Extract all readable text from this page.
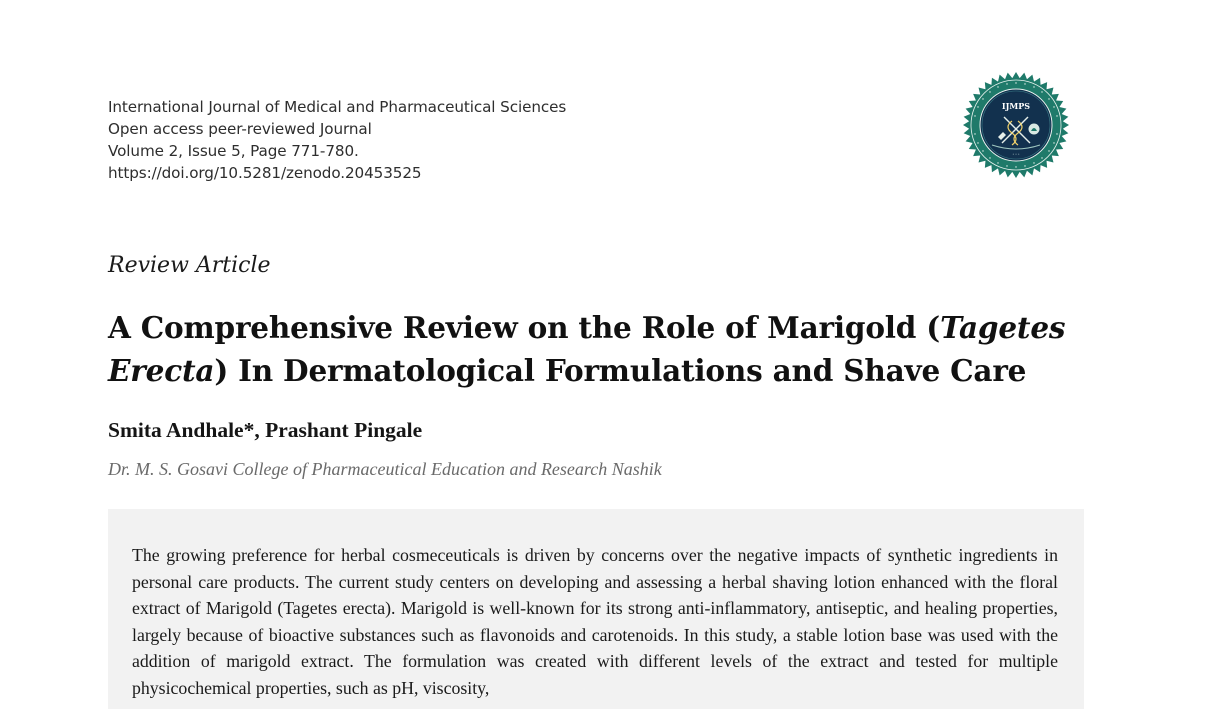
International Journal of Medical and Pharmaceutical Sciences
Open access peer-reviewed Journal
Volume 2, Issue 5, Page 771-780.
https://doi.org/10.5281/zenodo.20453525
IJMPS
• • •
Review Article
A Comprehensive Review on the Role of Marigold (Tagetes Erecta) In Dermatological Formulations and Shave Care
Smita Andhale*, Prashant Pingale
Dr. M. S. Gosavi College of Pharmaceutical Education and Research Nashik

The growing preference for herbal cosmeceuticals is driven by concerns over the negative impacts of synthetic ingredients in personal care products. The current study centers on developing and assessing a herbal shaving lotion enhanced with the floral extract of Marigold (Tagetes erecta). Marigold is well-known for its strong anti-inflammatory, antiseptic, and healing properties, largely because of bioactive substances such as flavonoids and carotenoids. In this study, a stable lotion base was used with the addition of marigold extract. The formulation was created with different levels of the extract and tested for multiple physicochemical properties, such as pH, viscosity,
